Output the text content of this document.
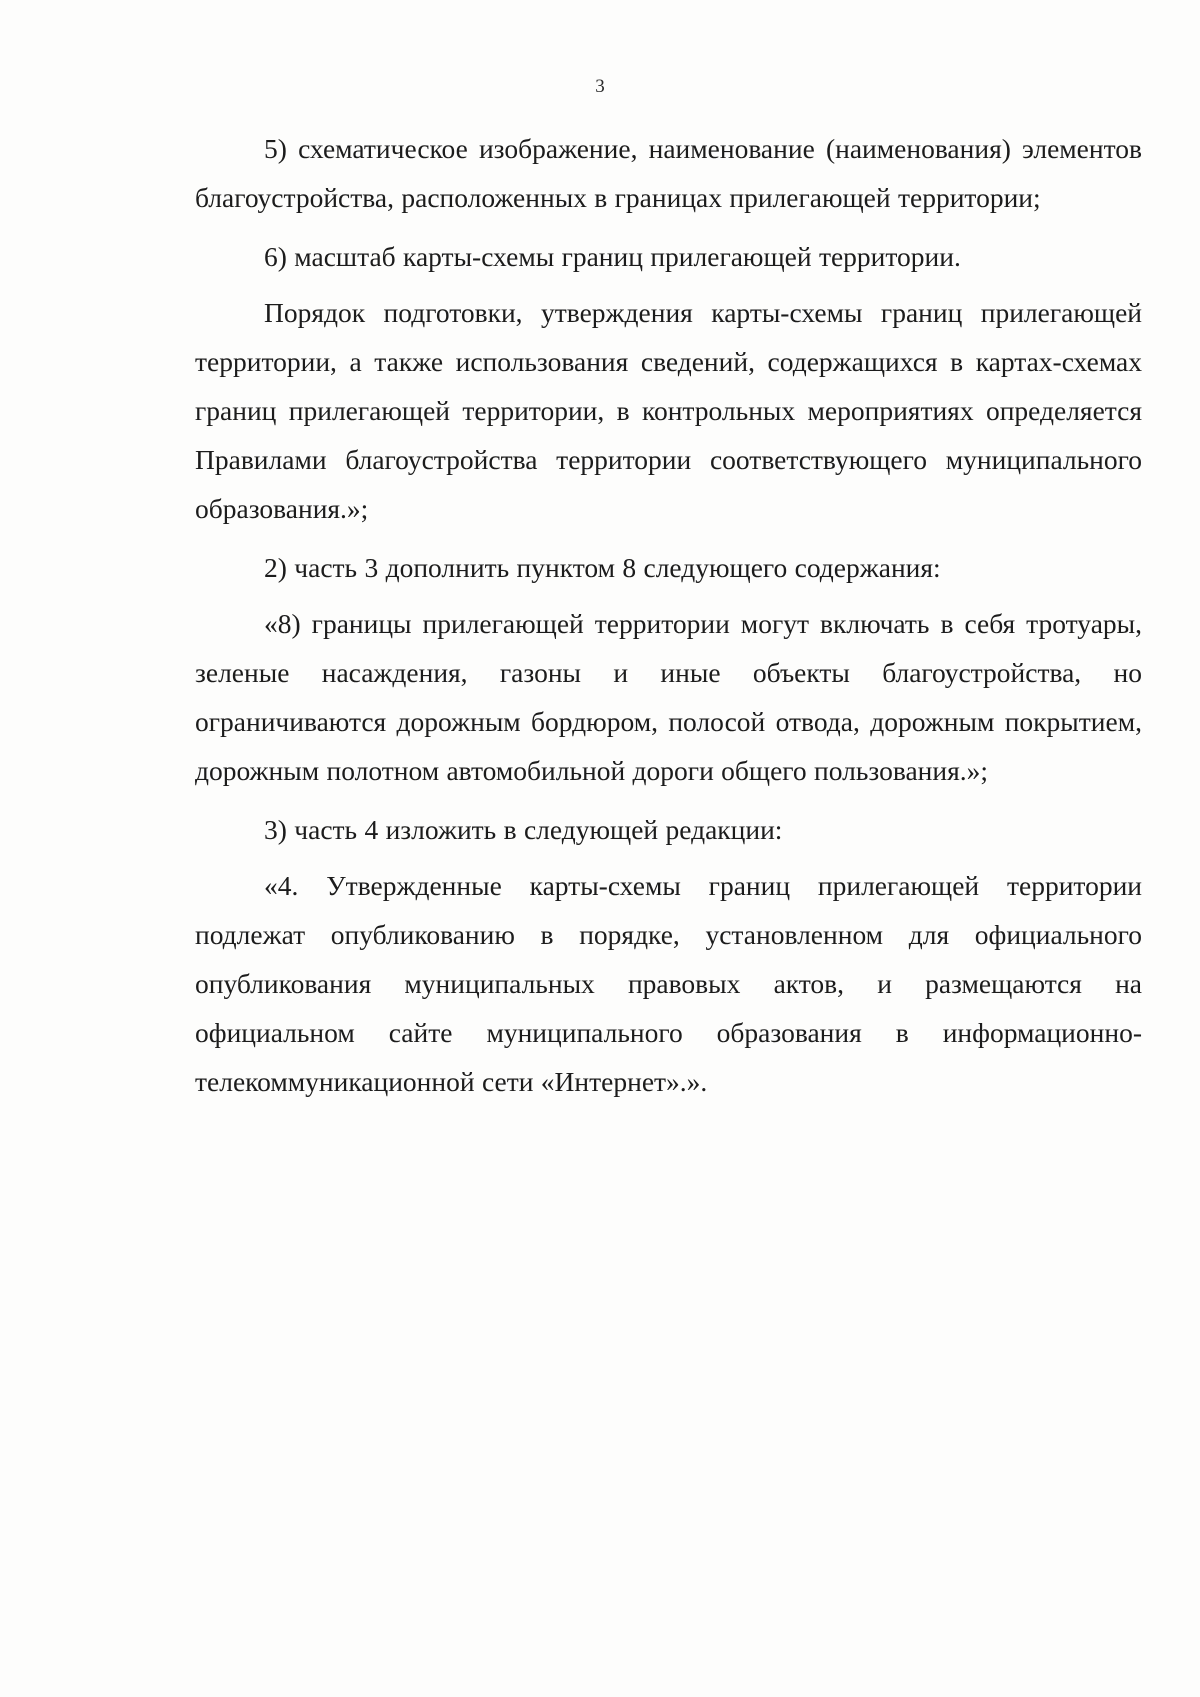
3

5) схематическое изображение, наименование (наименования) элементов благоустройства, расположенных в границах прилегающей территории;

6) масштаб карты-схемы границ прилегающей территории.

Порядок подготовки, утверждения карты-схемы границ прилегающей территории, а также использования сведений, содержащихся в картах-схемах границ прилегающей территории, в контрольных мероприятиях определяется Правилами благоустройства территории соответствующего муниципального образования.»;

2) часть 3 дополнить пунктом 8 следующего содержания:

«8) границы прилегающей территории могут включать в себя тротуары, зеленые насаждения, газоны и иные объекты благоустройства, но ограничиваются дорожным бордюром, полосой отвода, дорожным покрытием, дорожным полотном автомобильной дороги общего пользования.»;

3) часть 4 изложить в следующей редакции:

«4. Утвержденные карты-схемы границ прилегающей территории подлежат опубликованию в порядке, установленном для официального опубликования муниципальных правовых актов, и размещаются на официальном сайте муниципального образования в информационно-телекоммуникационной сети «Интернет».».
